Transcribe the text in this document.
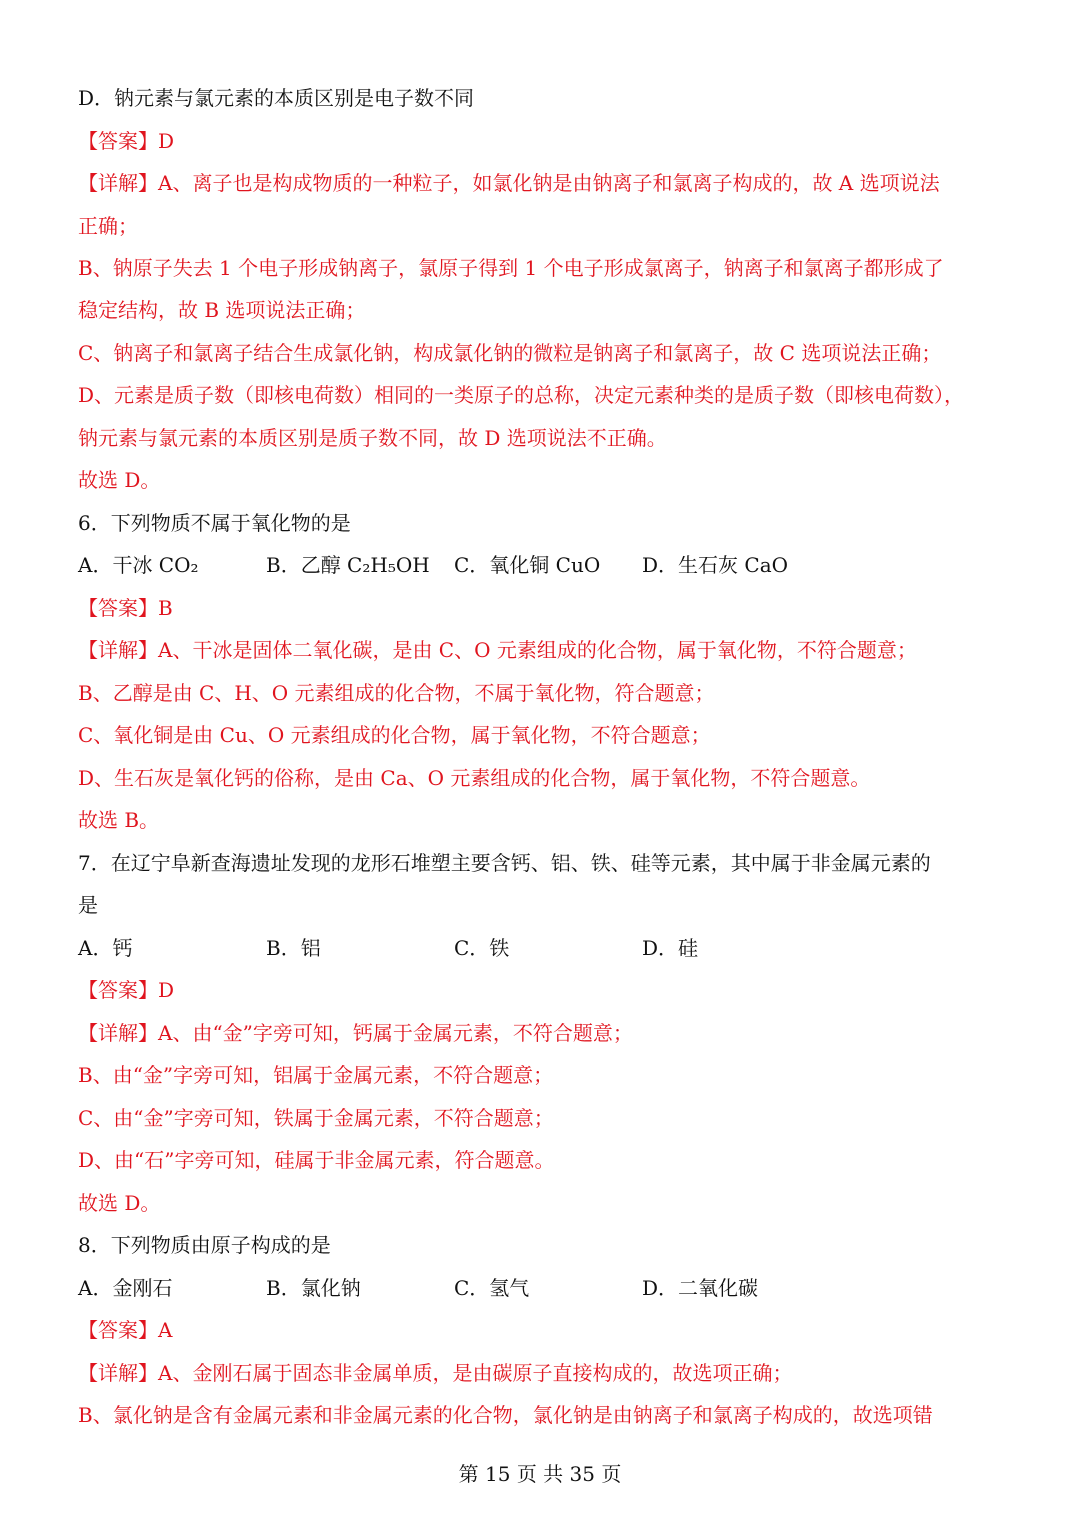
D．钠元素与氯元素的本质区别是电子数不同
【答案】D
【详解】A、离子也是构成物质的一种粒子，如氯化钠是由钠离子和氯离子构成的，故 A 选项说法
正确；
B、钠原子失去 1 个电子形成钠离子，氯原子得到 1 个电子形成氯离子，钠离子和氯离子都形成了
稳定结构，故 B 选项说法正确；
C、钠离子和氯离子结合生成氯化钠，构成氯化钠的微粒是钠离子和氯离子，故 C 选项说法正确；
D、元素是质子数（即核电荷数）相同的一类原子的总称，决定元素种类的是质子数（即核电荷数），
钠元素与氯元素的本质区别是质子数不同，故 D 选项说法不正确。
故选 D。
6．下列物质不属于氧化物的是
A．干冰 CO₂	B．乙醇 C₂H₅OH	C．氧化铜 CuO	D．生石灰 CaO
【答案】B
【详解】A、干冰是固体二氧化碳，是由 C、O 元素组成的化合物，属于氧化物，不符合题意；
B、乙醇是由 C、H、O 元素组成的化合物，不属于氧化物，符合题意；
C、氧化铜是由 Cu、O 元素组成的化合物，属于氧化物，不符合题意；
D、生石灰是氧化钙的俗称，是由 Ca、O 元素组成的化合物，属于氧化物，不符合题意。
故选 B。
7．在辽宁阜新查海遗址发现的龙形石堆塑主要含钙、铝、铁、硅等元素，其中属于非金属元素的
是
A．钙	B．铝	C．铁	D．硅
【答案】D
【详解】A、由“金”字旁可知，钙属于金属元素，不符合题意；
B、由“金”字旁可知，铝属于金属元素，不符合题意；
C、由“金”字旁可知，铁属于金属元素，不符合题意；
D、由“石”字旁可知，硅属于非金属元素，符合题意。
故选 D。
8．下列物质由原子构成的是
A．金刚石	B．氯化钠	C．氢气	D．二氧化碳
【答案】A
【详解】A、金刚石属于固态非金属单质，是由碳原子直接构成的，故选项正确；
B、氯化钠是含有金属元素和非金属元素的化合物，氯化钠是由钠离子和氯离子构成的，故选项错
第 15 页 共 35 页
